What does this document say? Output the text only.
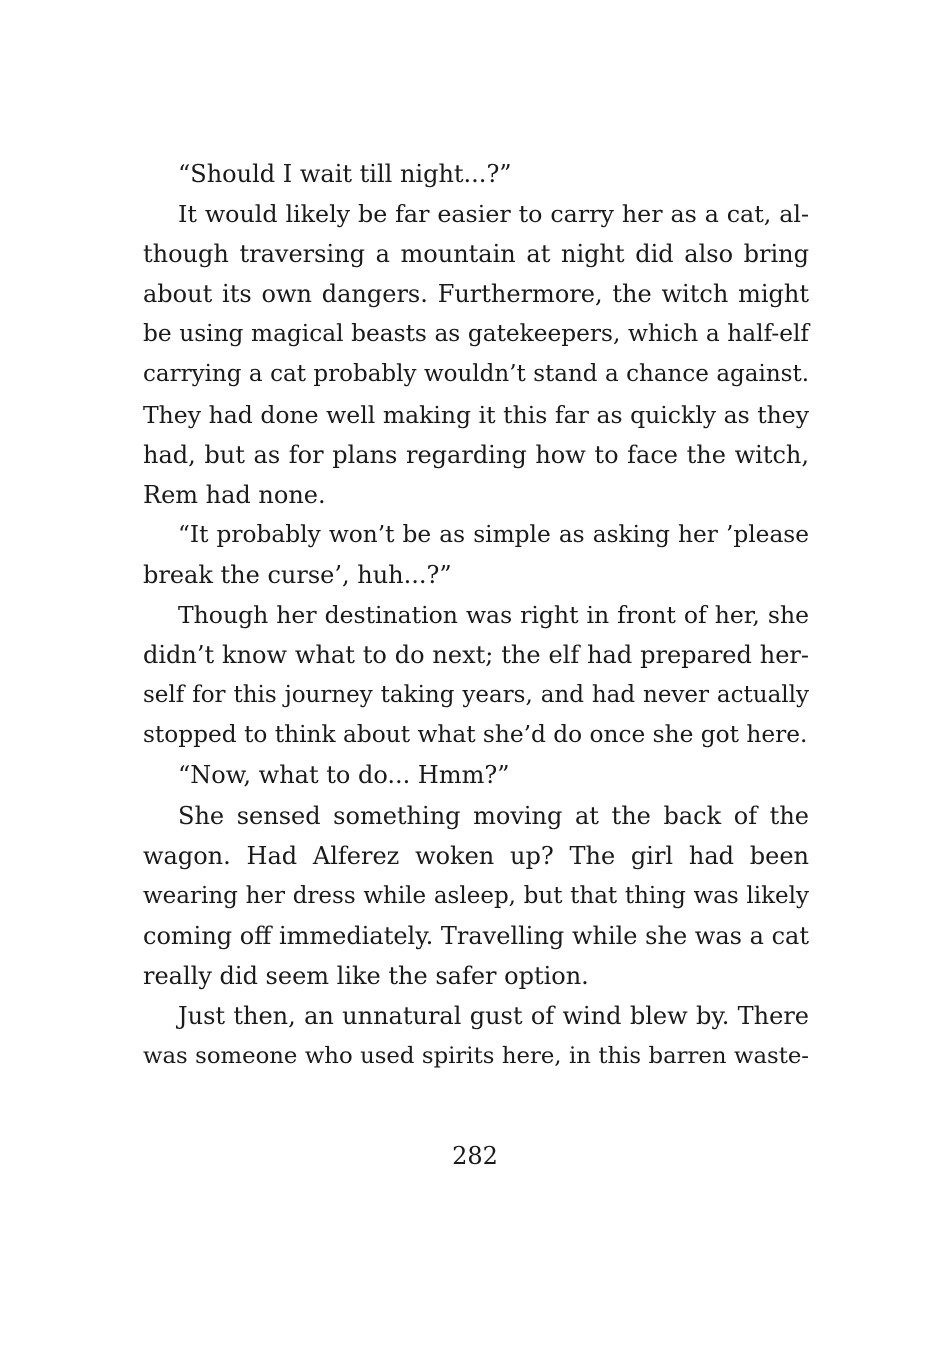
“Should I wait till night...?”
It would likely be far easier to carry her as a cat, al-
though traversing a mountain at night did also bring
about its own dangers. Furthermore, the witch might
be using magical beasts as gatekeepers, which a half-elf
carrying a cat probably wouldn’t stand a chance against.
They had done well making it this far as quickly as they
had, but as for plans regarding how to face the witch,
Rem had none.
“It probably won’t be as simple as asking her ’please
break the curse’, huh...?”
Though her destination was right in front of her, she
didn’t know what to do next; the elf had prepared her-
self for this journey taking years, and had never actually
stopped to think about what she’d do once she got here.
“Now, what to do... Hmm?”
She sensed something moving at the back of the
wagon. Had Alferez woken up? The girl had been
wearing her dress while asleep, but that thing was likely
coming off immediately. Travelling while she was a cat
really did seem like the safer option.
Just then, an unnatural gust of wind blew by. There
was someone who used spirits here, in this barren waste-
282
